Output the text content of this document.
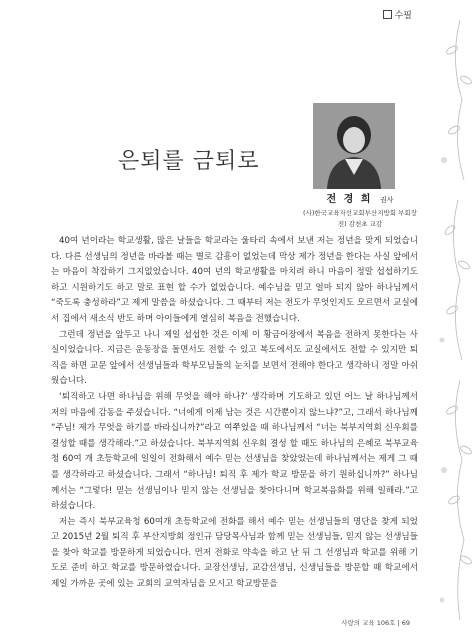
수필
은퇴를 금퇴로
전 경 희 권사
(사)한국교육자선교회부산지방회 부회장
전) 감천초 교감

40여 년이라는 학교생활, 많은 날들을 학교라는 울타리 속에서 보낸 저는 정년을 맞게 되었습니다. 다른 선생님의 정년을 바라볼 때는 별로 감흥이 없었는데 막상 제가 정년을 한다는 사실 앞에서는 마음이 착잡하기 그지없었습니다. 40여 년의 학교생활을 마치려 하니 마음이 정말 섭섭하기도 하고 시원하기도 하고 말로 표현 할 수가 없었습니다. 예수님을 믿고 얼마 되지 않아 하나님께서 “죽도록 충성하라”고 제게 말씀을 하셨습니다. 그 때부터 저는 전도가 무엇인지도 모르면서 교실에서 집에서 새소식 반도 하며 아이들에게 열심히 복음을 전했습니다.

그런데 정년을 앞두고 나니 제일 섭섭한 것은 이제 이 황금어장에서 복음을 전하지 못한다는 사실이었습니다. 지금은 운동장을 돌면서도 전할 수 있고 복도에서도 교실에서도 전할 수 있지만 퇴직을 하면 교문 앞에서 선생님들과 학부모님들의 눈치를 보면서 전해야 한다고 생각하니 정말 아쉬웠습니다.

‘퇴직하고 나면 하나님을 위해 무엇을 해야 하나?’ 생각하며 기도하고 있던 어느 날 하나님께서 저의 마음에 감동을 주셨습니다. “너에게 이제 남는 것은 시간뿐이지 않느냐?”고, 그래서 하나님께 “주님! 제가 무엇을 하기를 바라십니까?”라고 여쭈었을 때 하나님께서 “너는 북부지역회 신우회를 결성할 때를 생각해라.”고 하셨습니다. 북부지역회 신우회 결성 할 때도 하나님의 은혜로 북부교육청 60여 개 초등학교에 일일이 전화해서 예수 믿는 선생님을 찾았었는데 하나님께서는 제게 그 때를 생각하라고 하셨습니다. 그래서 “하나님! 퇴직 후 제가 학교 방문을 하기 원하십니까?” 하나님께서는 “그렇다! 믿는 선생님이나 믿지 않는 선생님을 찾아다니며 학교복음화를 위해 일해라.”고 하셨습니다.

저는 즉시 북부교육청 60여개 초등학교에 전화를 해서 예수 믿는 선생님들의 명단을 찾게 되었고 2015년 2월 퇴직 후 부산지방회 정인규 담당목사님과 함께 믿는 선생님들, 믿지 않는 선생님들을 찾아 학교를 방문하게 되었습니다. 먼저 전화로 약속을 하고 난 뒤 그 선생님과 학교를 위해 기도로 준비 하고 학교를 방문하였습니다. 교장선생님, 교감선생님, 신생님들을 방문할 때 학교에서 제일 가까운 곳에 있는 교회의 교역자님을 모시고 학교방문을

사랑의 교육 106호 | 69
